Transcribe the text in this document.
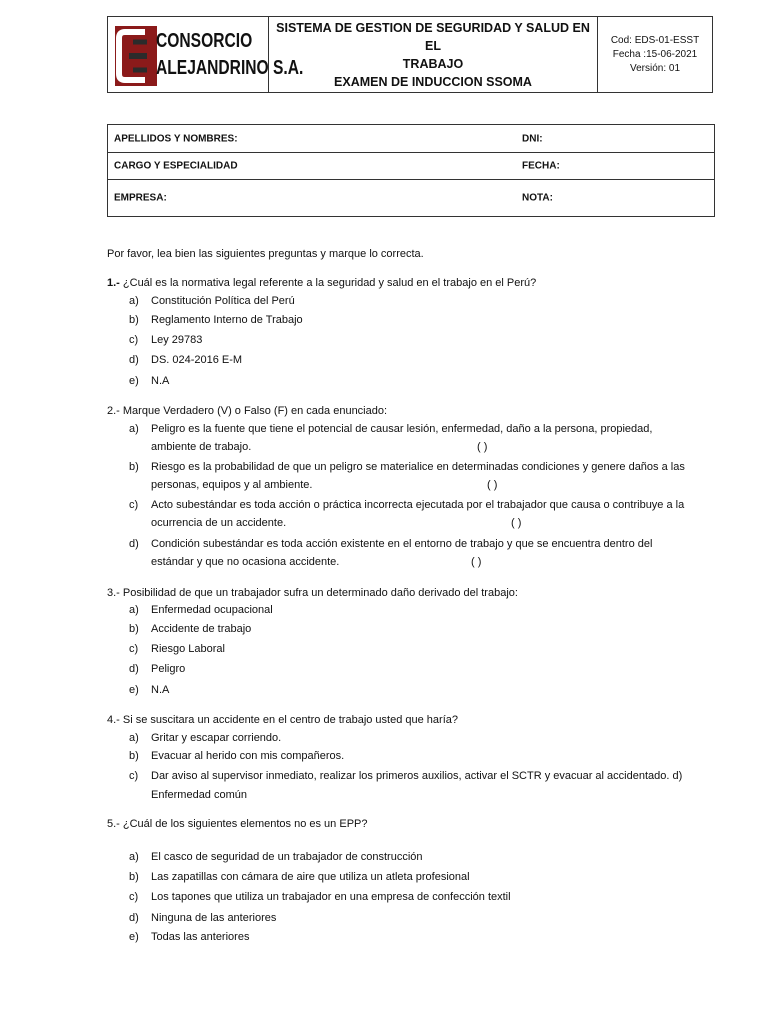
CONSORCIO
ALEJANDRINO S.A.
SISTEMA DE GESTION DE SEGURIDAD Y SALUD EN EL
TRABAJO
EXAMEN DE INDUCCION SSOMA
Cod: EDS-01-ESST
Fecha :15-06-2021
Versión: 01
APELLIDOS Y NOMBRES:	DNI:
CARGO Y ESPECIALIDAD	FECHA:
EMPRESA:	NOTA:
Por favor, lea bien las siguientes preguntas y marque lo correcta.
1.- ¿Cuál es la normativa legal referente a la seguridad y salud en el trabajo en el Perú?
a) Constitución Política del Perú
b) Reglamento Interno de Trabajo
c) Ley 29783
d) DS. 024-2016 E-M
e) N.A
2.- Marque Verdadero (V) o Falso (F) en cada enunciado:
a) Peligro es la fuente que tiene el potencial de causar lesión, enfermedad, daño a la persona, propiedad,
ambiente de trabajo.	( )
b) Riesgo es la probabilidad de que un peligro se materialice en determinadas condiciones y genere daños a las
personas, equipos y al ambiente.	( )
c) Acto subestándar es toda acción o práctica incorrecta ejecutada por el trabajador que causa o contribuye a la
ocurrencia de un accidente.	( )
d) Condición subestándar es toda acción existente en el entorno de trabajo y que se encuentra dentro del
estándar y que no ocasiona accidente.	( )
3.- Posibilidad de que un trabajador sufra un determinado daño derivado del trabajo:
a) Enfermedad ocupacional
b) Accidente de trabajo
c) Riesgo Laboral
d) Peligro
e) N.A
4.- Si se suscitara un accidente en el centro de trabajo usted que haría?
a) Gritar y escapar corriendo.
b) Evacuar al herido con mis compañeros.
c) Dar aviso al supervisor inmediato, realizar los primeros auxilios, activar el SCTR y evacuar al accidentado. d)
Enfermedad común
5.- ¿Cuál de los siguientes elementos no es un EPP?
a) El casco de seguridad de un trabajador de construcción
b) Las zapatillas con cámara de aire que utiliza un atleta profesional
c) Los tapones que utiliza un trabajador en una empresa de confección textil
d) Ninguna de las anteriores
e) Todas las anteriores
